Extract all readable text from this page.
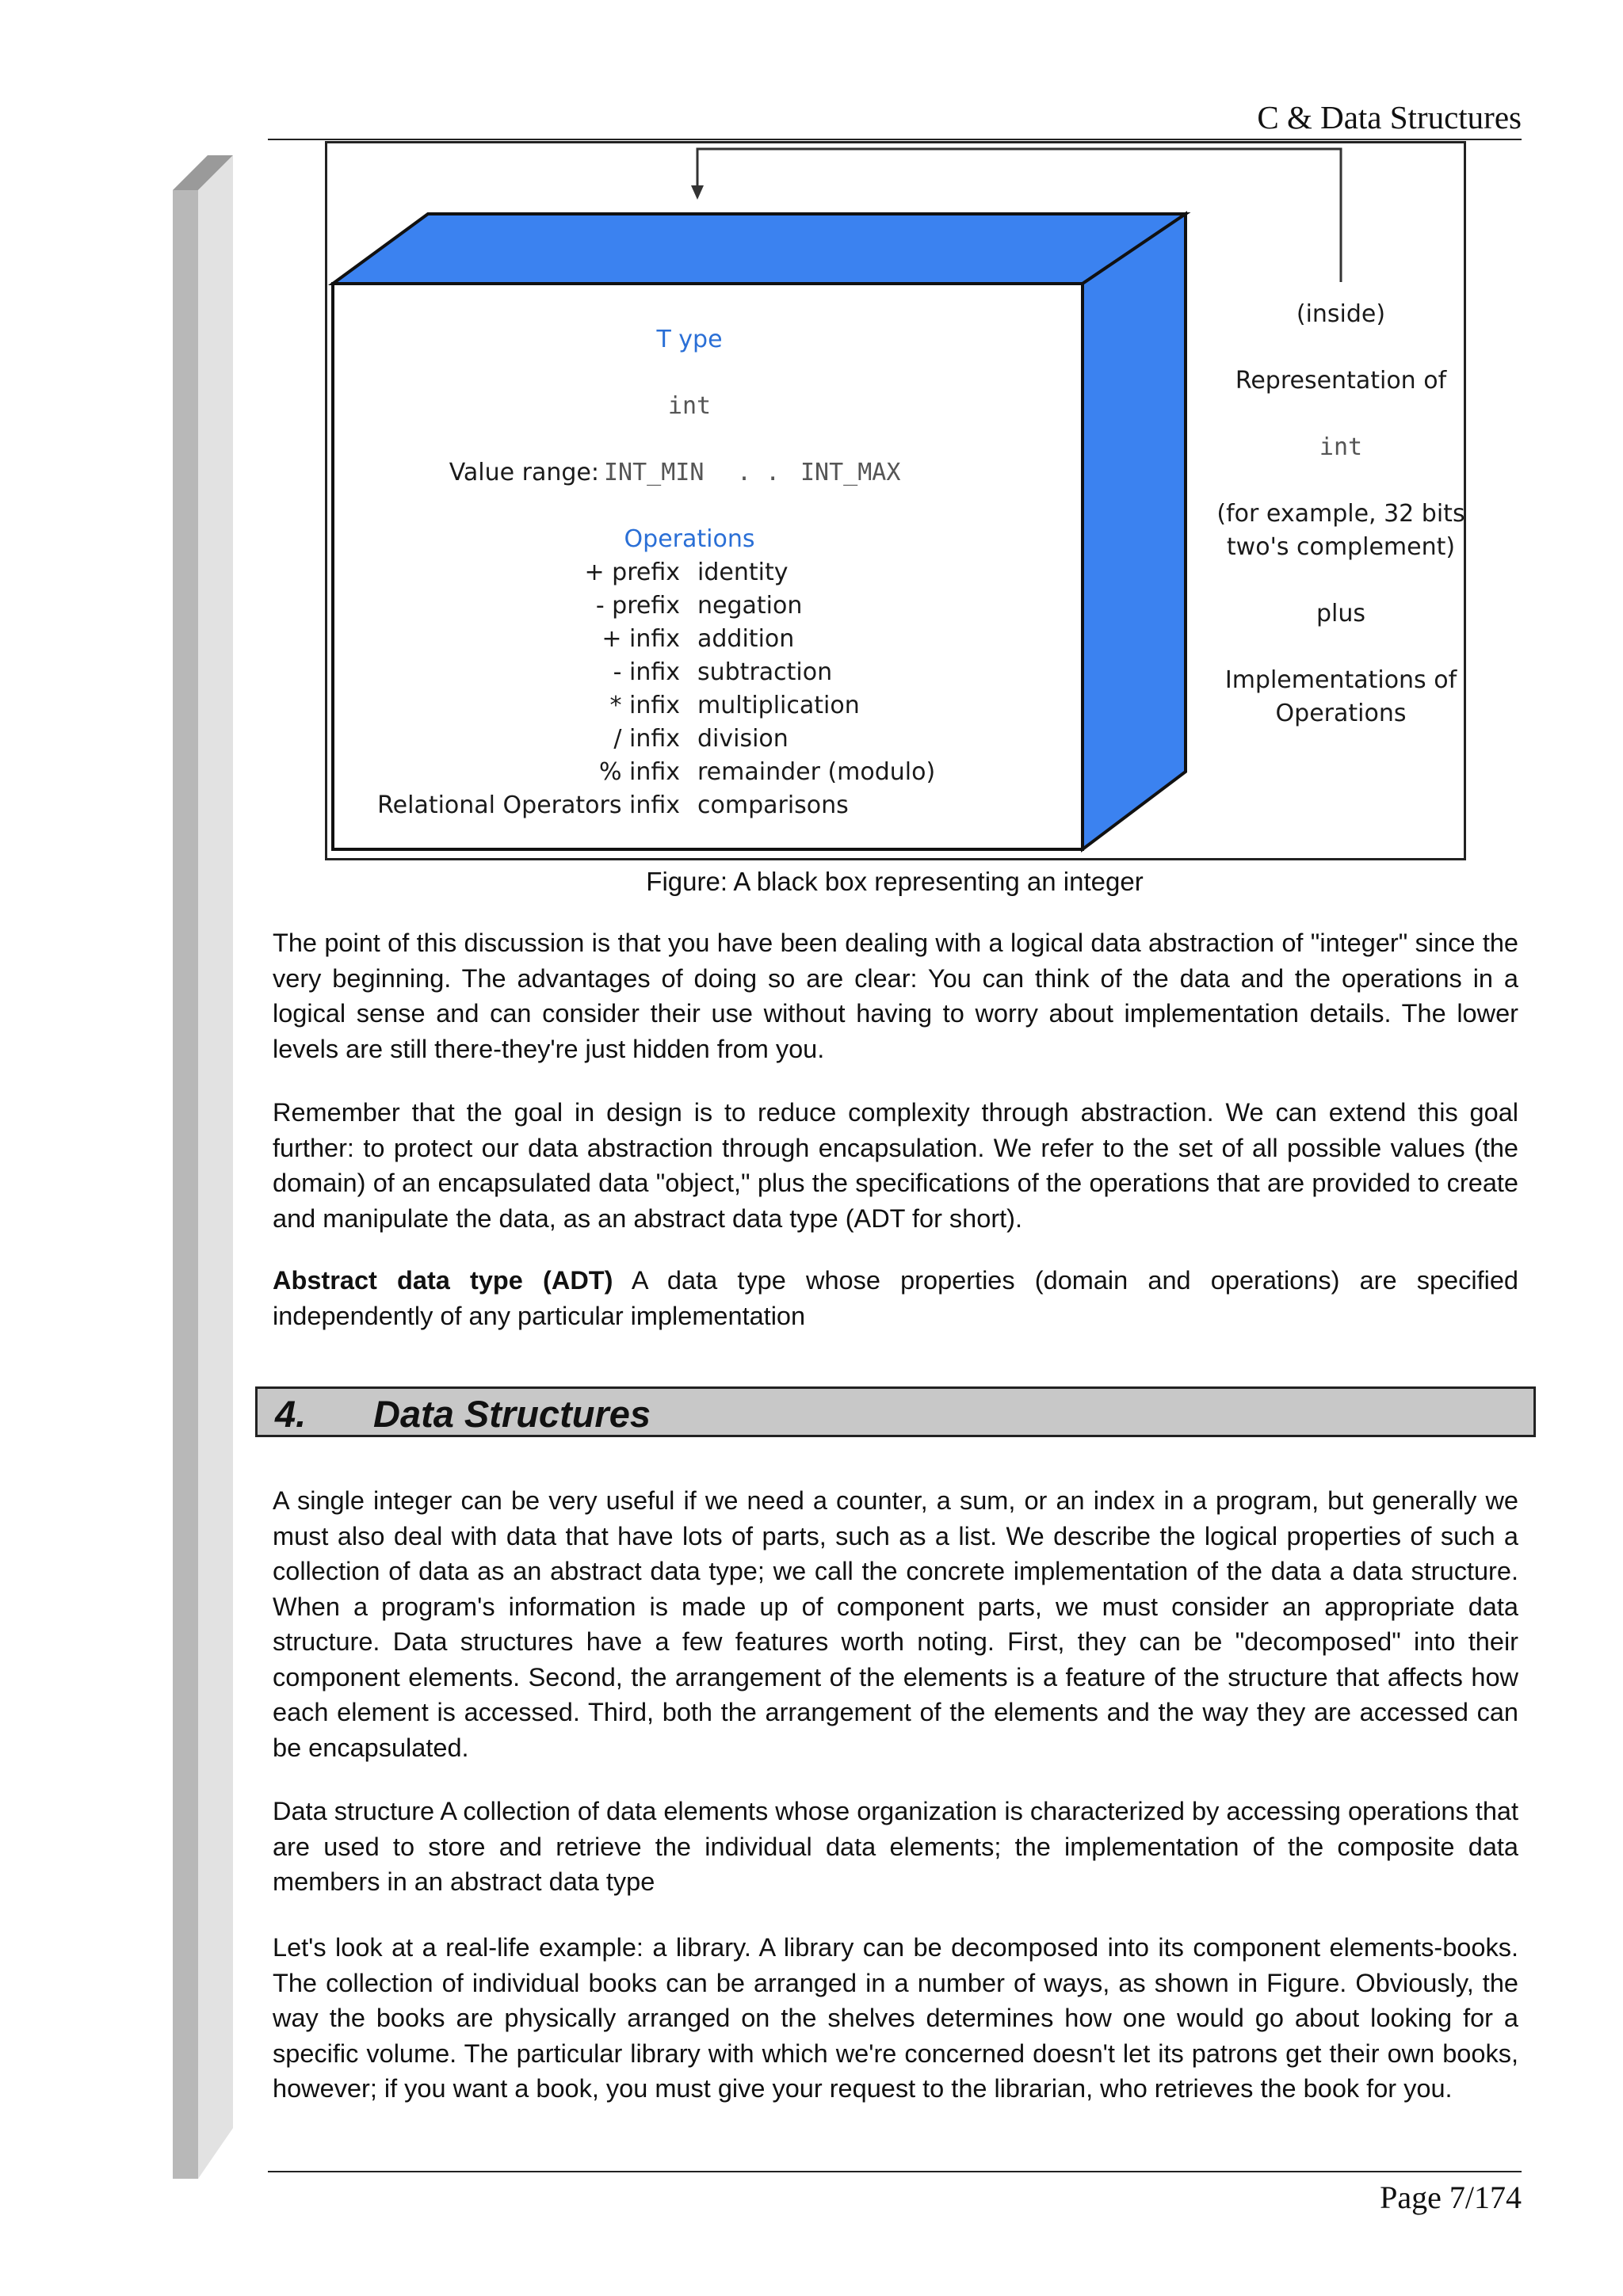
C & Data Structures
T ype
int
Value range: INT_MIN . . INT_MAX
Operations
+ prefix identity
- prefix negation
+ infix addition
- infix subtraction
* infix multiplication
/ infix division
% infix remainder (modulo)
Relational Operators infix comparisons
(inside)
Representation of
int
(for example, 32 bits
two's complement)
plus
Implementations of
Operations
Figure: A black box representing an integer

The point of this discussion is that you have been dealing with a logical data abstraction of "integer" since the very beginning. The advantages of doing so are clear: You can think of the data and the operations in a logical sense and can consider their use without having to worry about implementation details. The lower levels are still there-they're just hidden from you.

Remember that the goal in design is to reduce complexity through abstraction. We can extend this goal further: to protect our data abstraction through encapsulation. We refer to the set of all possible values (the domain) of an encapsulated data "object," plus the specifications of the operations that are provided to create and manipulate the data, as an abstract data type (ADT for short).

Abstract data type (ADT) A data type whose properties (domain and operations) are specified independently of any particular implementation

4. Data Structures

A single integer can be very useful if we need a counter, a sum, or an index in a program, but generally we must also deal with data that have lots of parts, such as a list. We describe the logical properties of such a collection of data as an abstract data type; we call the concrete implementation of the data a data structure. When a program's information is made up of component parts, we must consider an appropriate data structure. Data structures have a few features worth noting. First, they can be "decomposed" into their component elements. Second, the arrangement of the elements is a feature of the structure that affects how each element is accessed. Third, both the arrangement of the elements and the way they are accessed can be encapsulated.

Data structure A collection of data elements whose organization is characterized by accessing operations that are used to store and retrieve the individual data elements; the implementation of the composite data members in an abstract data type

Let's look at a real-life example: a library. A library can be decomposed into its component elements-books. The collection of individual books can be arranged in a number of ways, as shown in Figure. Obviously, the way the books are physically arranged on the shelves determines how one would go about looking for a specific volume. The particular library with which we're concerned doesn't let its patrons get their own books, however; if you want a book, you must give your request to the librarian, who retrieves the book for you.

Page 7/174
